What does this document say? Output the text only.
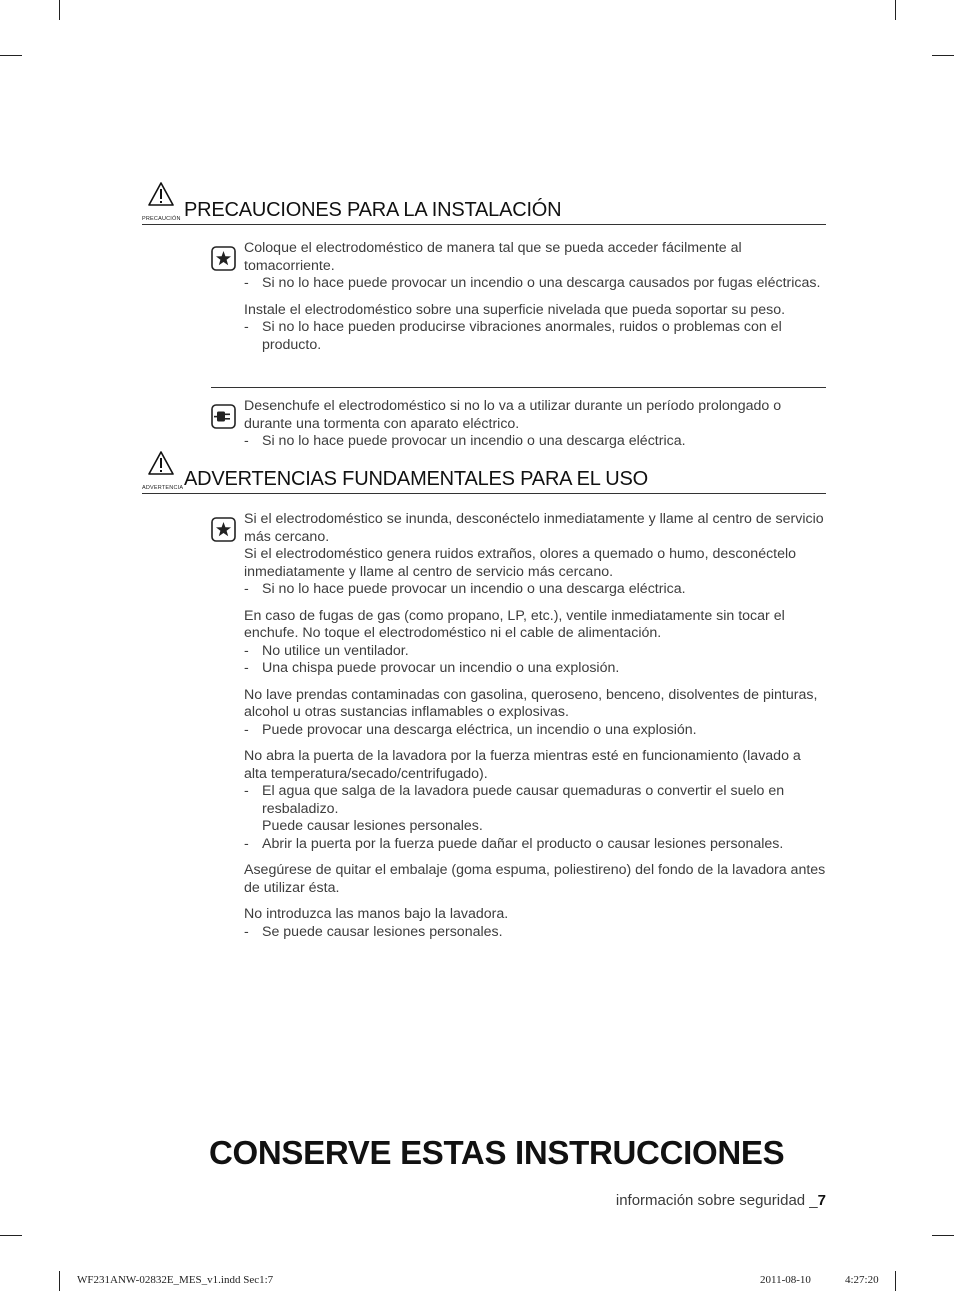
PRECAUCIÓN PRECAUCIONES PARA LA INSTALACIÓN

Coloque el electrodoméstico de manera tal que se pueda acceder fácilmente al tomacorriente.

- Si no lo hace puede provocar un incendio o una descarga causados por fugas eléctricas.

Instale el electrodoméstico sobre una superficie nivelada que pueda soportar su peso.

- Si no lo hace pueden producirse vibraciones anormales, ruidos o problemas con el producto.

Desenchufe el electrodoméstico si no lo va a utilizar durante un período prolongado o durante una tormenta con aparato eléctrico.

- Si no lo hace puede provocar un incendio o una descarga eléctrica.
ADVERTENCIA ADVERTENCIAS FUNDAMENTALES PARA EL USO

Si el electrodoméstico se inunda, desconéctelo inmediatamente y llame al centro de servicio más cercano.

Si el electrodoméstico genera ruidos extraños, olores a quemado o humo, desconéctelo inmediatamente y llame al centro de servicio más cercano.

- Si no lo hace puede provocar un incendio o una descarga eléctrica.

En caso de fugas de gas (como propano, LP, etc.), ventile inmediatamente sin tocar el enchufe. No toque el electrodoméstico ni el cable de alimentación.

- No utilice un ventilador.
- Una chispa puede provocar un incendio o una explosión.

No lave prendas contaminadas con gasolina, queroseno, benceno, disolventes de pinturas, alcohol u otras sustancias inflamables o explosivas.

- Puede provocar una descarga eléctrica, un incendio o una explosión.

No abra la puerta de la lavadora por la fuerza mientras esté en funcionamiento (lavado a alta temperatura/secado/centrifugado).

- El agua que salga de la lavadora puede causar quemaduras o convertir el suelo en resbaladizo.
Puede causar lesiones personales.
- Abrir la puerta por la fuerza puede dañar el producto o causar lesiones personales.

Asegúrese de quitar el embalaje (goma espuma, poliestireno) del fondo de la lavadora antes de utilizar ésta.

No introduzca las manos bajo la lavadora.

- Se puede causar lesiones personales.
CONSERVE ESTAS INSTRUCCIONES
información sobre seguridad _7
WF231ANW-02832E_MES_v1.indd Sec1:7	2011-08-10	4:27:20
